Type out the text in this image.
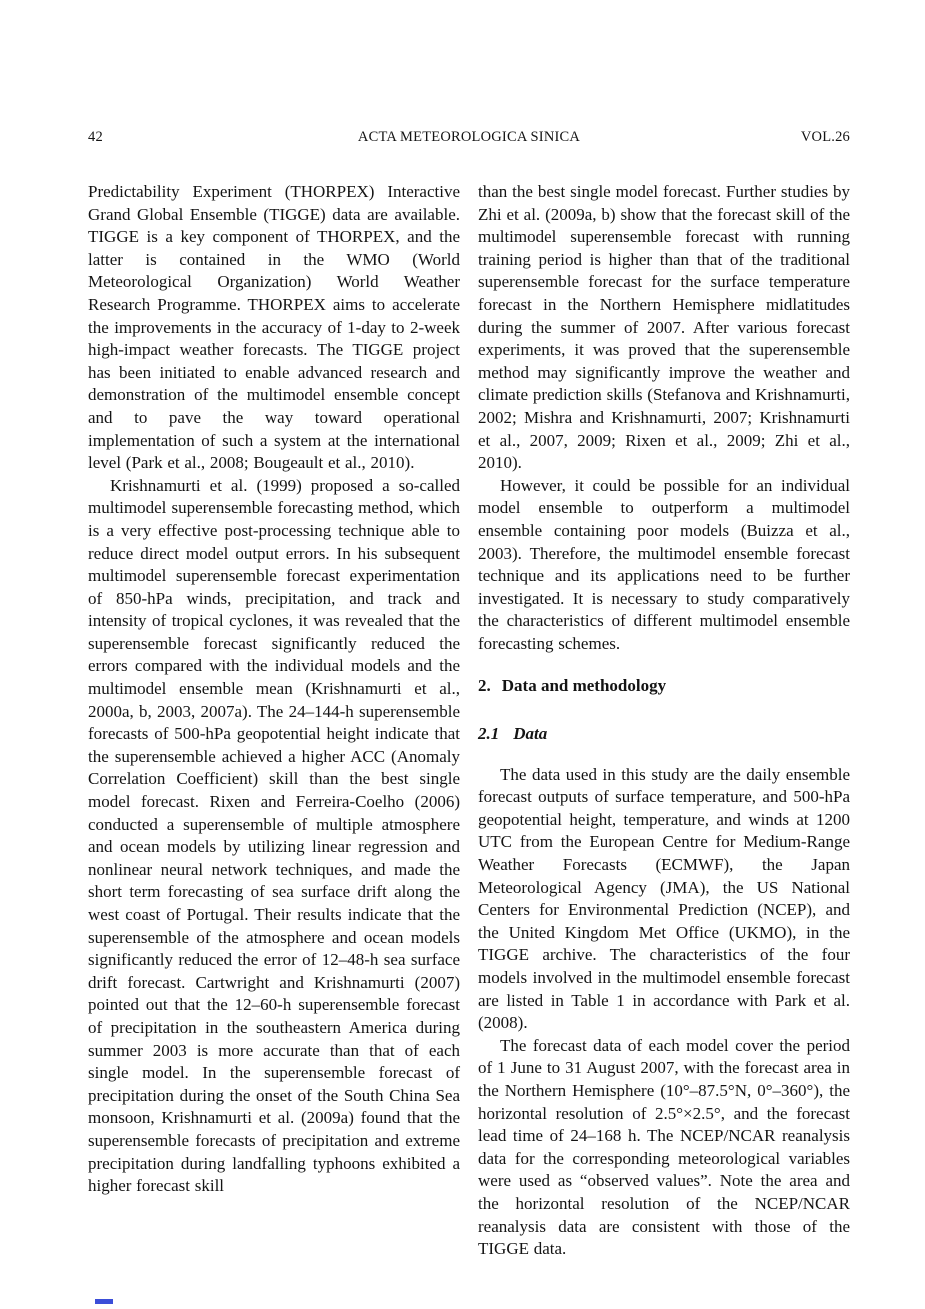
42	ACTA METEOROLOGICA SINICA	VOL.26

Predictability Experiment (THORPEX) Interactive Grand Global Ensemble (TIGGE) data are available. TIGGE is a key component of THORPEX, and the latter is contained in the WMO (World Meteorological Organization) World Weather Research Programme. THORPEX aims to accelerate the improvements in the accuracy of 1-day to 2-week high-impact weather forecasts. The TIGGE project has been initiated to enable advanced research and demonstration of the multimodel ensemble concept and to pave the way toward operational implementation of such a system at the international level (Park et al., 2008; Bougeault et al., 2010).

Krishnamurti et al. (1999) proposed a so-called multimodel superensemble forecasting method, which is a very effective post-processing technique able to reduce direct model output errors. In his subsequent multimodel superensemble forecast experimentation of 850-hPa winds, precipitation, and track and intensity of tropical cyclones, it was revealed that the superensemble forecast significantly reduced the errors compared with the individual models and the multimodel ensemble mean (Krishnamurti et al., 2000a, b, 2003, 2007a). The 24–144-h superensemble forecasts of 500-hPa geopotential height indicate that the superensemble achieved a higher ACC (Anomaly Correlation Coefficient) skill than the best single model forecast. Rixen and Ferreira-Coelho (2006) conducted a superensemble of multiple atmosphere and ocean models by utilizing linear regression and nonlinear neural network techniques, and made the short term forecasting of sea surface drift along the west coast of Portugal. Their results indicate that the superensemble of the atmosphere and ocean models significantly reduced the error of 12–48-h sea surface drift forecast. Cartwright and Krishnamurti (2007) pointed out that the 12–60-h superensemble forecast of precipitation in the southeastern America during summer 2003 is more accurate than that of each single model. In the superensemble forecast of precipitation during the onset of the South China Sea monsoon, Krishnamurti et al. (2009a) found that the superensemble forecasts of precipitation and extreme precipitation during landfalling typhoons exhibited a higher forecast skill

than the best single model forecast. Further studies by Zhi et al. (2009a, b) show that the forecast skill of the multimodel superensemble forecast with running training period is higher than that of the traditional superensemble forecast for the surface temperature forecast in the Northern Hemisphere midlatitudes during the summer of 2007. After various forecast experiments, it was proved that the superensemble method may significantly improve the weather and climate prediction skills (Stefanova and Krishnamurti, 2002; Mishra and Krishnamurti, 2007; Krishnamurti et al., 2007, 2009; Rixen et al., 2009; Zhi et al., 2010).

However, it could be possible for an individual model ensemble to outperform a multimodel ensemble containing poor models (Buizza et al., 2003). Therefore, the multimodel ensemble forecast technique and its applications need to be further investigated. It is necessary to study comparatively the characteristics of different multimodel ensemble forecasting schemes.

2. Data and methodology
2.1 Data

The data used in this study are the daily ensemble forecast outputs of surface temperature, and 500-hPa geopotential height, temperature, and winds at 1200 UTC from the European Centre for Medium-Range Weather Forecasts (ECMWF), the Japan Meteorological Agency (JMA), the US National Centers for Environmental Prediction (NCEP), and the United Kingdom Met Office (UKMO), in the TIGGE archive. The characteristics of the four models involved in the multimodel ensemble forecast are listed in Table 1 in accordance with Park et al. (2008).

The forecast data of each model cover the period of 1 June to 31 August 2007, with the forecast area in the Northern Hemisphere (10°–87.5°N, 0°–360°), the horizontal resolution of 2.5°×2.5°, and the forecast lead time of 24–168 h. The NCEP/NCAR reanalysis data for the corresponding meteorological variables were used as “observed values”. Note the area and the horizontal resolution of the NCEP/NCAR reanalysis data are consistent with those of the TIGGE data.
